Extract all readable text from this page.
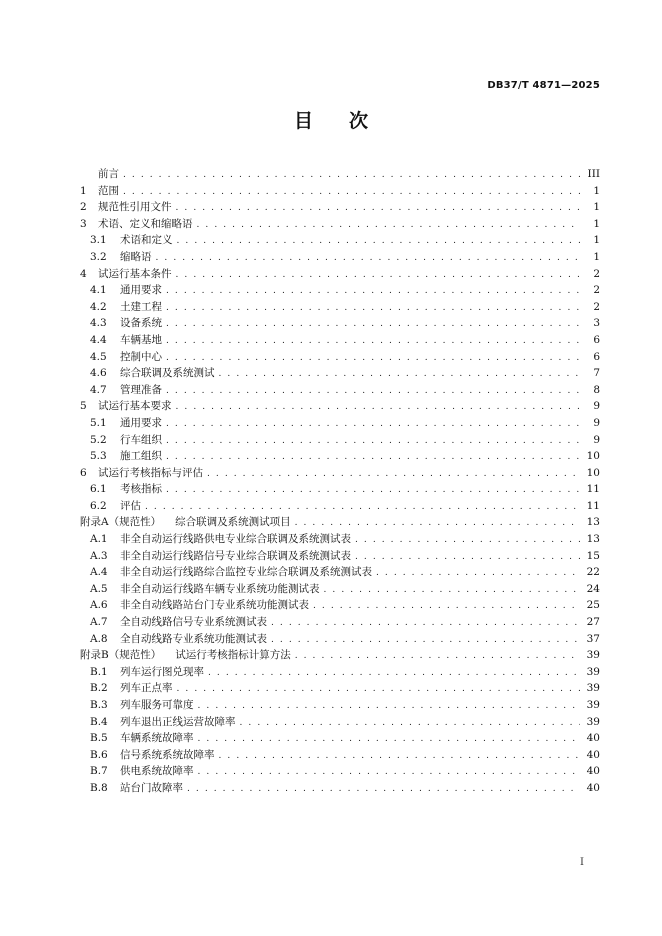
DB37/T 4871—2025
目 次
前言 . . .	III
1	范围 . . .	1
2	规范性引用文件 . . .	1
3	术语、定义和缩略语 . . .	1
3.1	术语和定义 . . .	1
3.2	缩略语 . . .	1
4	试运行基本条件 . . .	2
4.1	通用要求 . . .	2
4.2	土建工程 . . .	2
4.3	设备系统 . . .	3
4.4	车辆基地 . . .	6
4.5	控制中心 . . .	6
4.6	综合联调及系统测试 . . .	7
4.7	管理准备 . . .	8
5	试运行基本要求 . . .	9
5.1	通用要求 . . .	9
5.2	行车组织 . . .	9
5.3	施工组织 . . .	10
6	试运行考核指标与评估 . . .	10
6.1	考核指标 . . .	11
6.2	评估 . . .	11
附录A（规范性） 综合联调及系统测试项目 . . .	13
A.1	非全自动运行线路供电专业综合联调及系统测试表 . . .	13
A.3	非全自动运行线路信号专业综合联调及系统测试表 . . .	15
A.4	非全自动运行线路综合监控专业综合联调及系统测试表 . . .	22
A.5	非全自动运行线路车辆专业系统功能测试表 . . .	24
A.6	非全自动线路站台门专业系统功能测试表 . . .	25
A.7	全自动线路信号专业系统测试表 . . .	27
A.8	全自动线路专业系统功能测试表 . . .	37
附录B（规范性） 试运行考核指标计算方法 . . .	39
B.1	列车运行图兑现率 . . .	39
B.2	列车正点率 . . .	39
B.3	列车服务可靠度 . . .	39
B.4	列车退出正线运营故障率 . . .	39
B.5	车辆系统故障率 . . .	40
B.6	信号系统系统故障率 . . .	40
B.7	供电系统故障率 . . .	40
B.8	站台门故障率 . . .	40
I
